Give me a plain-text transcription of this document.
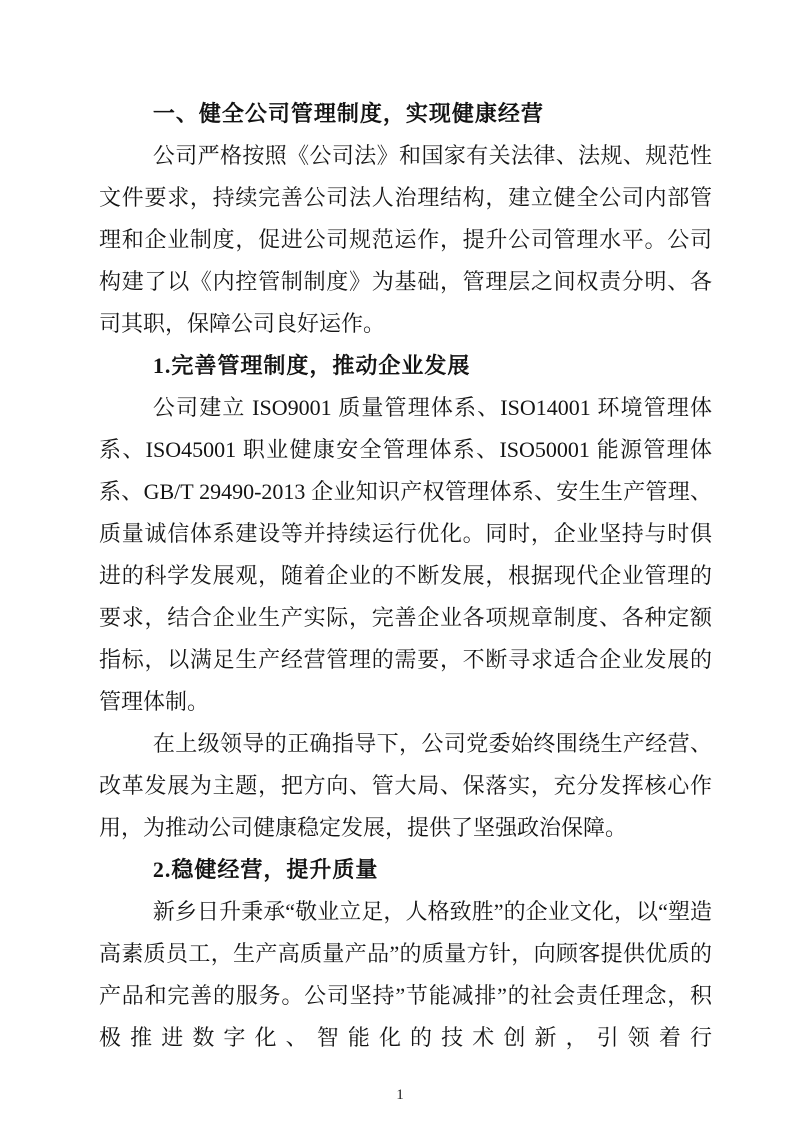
一、健全公司管理制度，实现健康经营

公司严格按照《公司法》和国家有关法律、法规、规范性文件要求，持续完善公司法人治理结构，建立健全公司内部管理和企业制度，促进公司规范运作，提升公司管理水平。公司构建了以《内控管制制度》为基础，管理层之间权责分明、各司其职，保障公司良好运作。

1.完善管理制度，推动企业发展

公司建立 ISO9001 质量管理体系、ISO14001 环境管理体系、ISO45001 职业健康安全管理体系、ISO50001 能源管理体系、GB/T 29490-2013 企业知识产权管理体系、安生生产管理、质量诚信体系建设等并持续运行优化。同时，企业坚持与时俱进的科学发展观，随着企业的不断发展，根据现代企业管理的要求，结合企业生产实际，完善企业各项规章制度、各种定额指标，以满足生产经营管理的需要，不断寻求适合企业发展的管理体制。

在上级领导的正确指导下，公司党委始终围绕生产经营、改革发展为主题，把方向、管大局、保落实，充分发挥核心作用，为推动公司健康稳定发展，提供了坚强政治保障。

2.稳健经营，提升质量

新乡日升秉承“敬业立足，人格致胜”的企业文化，以“塑造高素质员工，生产高质量产品”的质量方针，向顾客提供优质的产品和完善的服务。公司坚持”节能减排”的社会责任理念，积极推进数字化、智能化的技术创新，引领着行

1
